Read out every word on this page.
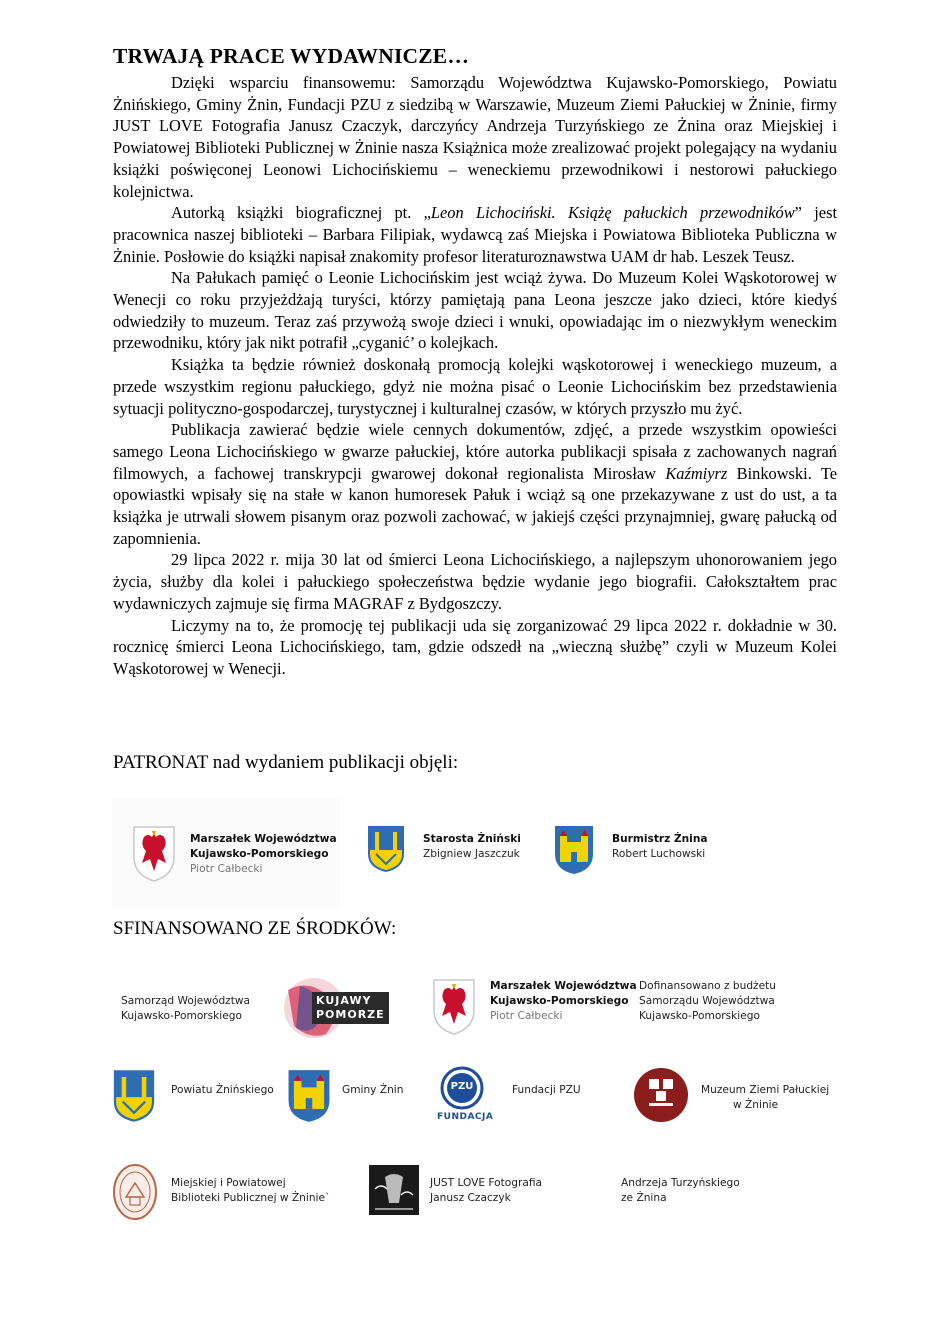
TRWAJĄ PRACE WYDAWNICZE…

Dzięki wsparciu finansowemu: Samorządu Województwa Kujawsko-Pomorskiego, Powiatu Żnińskiego, Gminy Żnin, Fundacji PZU z siedzibą w Warszawie, Muzeum Ziemi Pałuckiej w Żninie, firmy JUST LOVE Fotografia Janusz Czaczyk, darczyńcy Andrzeja Turzyńskiego ze Żnina oraz Miejskiej i Powiatowej Biblioteki Publicznej w Żninie nasza Książnica może zrealizować projekt polegający na wydaniu książki poświęconej Leonowi Lichocińskiemu – weneckiemu przewodnikowi i nestorowi pałuckiego kolejnictwa.

Autorką książki biograficznej pt. „Leon Lichociński. Książę pałuckich przewodników” jest pracownica naszej biblioteki – Barbara Filipiak, wydawcą zaś Miejska i Powiatowa Biblioteka Publiczna w Żninie. Posłowie do książki napisał znakomity profesor literaturoznawstwa UAM dr hab. Leszek Teusz.

Na Pałukach pamięć o Leonie Lichocińskim jest wciąż żywa. Do Muzeum Kolei Wąskotorowej w Wenecji co roku przyjeżdżają turyści, którzy pamiętają pana Leona jeszcze jako dzieci, które kiedyś odwiedziły to muzeum. Teraz zaś przywożą swoje dzieci i wnuki, opowiadając im o niezwykłym weneckim przewodniku, który jak nikt potrafił „cyganić’ o kolejkach.

Książka ta będzie również doskonałą promocją kolejki wąskotorowej i weneckiego muzeum, a przede wszystkim regionu pałuckiego, gdyż nie można pisać o Leonie Lichocińskim bez przedstawienia sytuacji polityczno-gospodarczej, turystycznej i kulturalnej czasów, w których przyszło mu żyć.

Publikacja zawierać będzie wiele cennych dokumentów, zdjęć, a przede wszystkim opowieści samego Leona Lichocińskiego w gwarze pałuckiej, które autorka publikacji spisała z zachowanych nagrań filmowych, a fachowej transkrypcji gwarowej dokonał regionalista Mirosław Kaźmiyrz Binkowski. Te opowiastki wpisały się na stałe w kanon humoresek Pałuk i wciąż są one przekazywane z ust do ust, a ta książka je utrwali słowem pisanym oraz pozwoli zachować, w jakiejś części przynajmniej, gwarę pałucką od zapomnienia.

29 lipca 2022 r. mija 30 lat od śmierci Leona Lichocińskiego, a najlepszym uhonorowaniem jego życia, służby dla kolei i pałuckiego społeczeństwa będzie wydanie jego biografii. Całokształtem prac wydawniczych zajmuje się firma MAGRAF z Bydgoszczy.

Liczymy na to, że promocję tej publikacji uda się zorganizować 29 lipca 2022 r. dokładnie w 30. rocznicę śmierci Leona Lichocińskiego, tam, gdzie odszedł na „wieczną służbę” czyli w Muzeum Kolei Wąskotorowej w Wenecji.

PATRONAT nad wydaniem publikacji objęli:
Marszałek Województwa
Kujawsko-Pomorskiego
Piotr Całbecki
Starosta Żniński
Zbigniew Jaszczuk
Burmistrz Żnina
Robert Luchowski
SFINANSOWANO ZE ŚRODKÓW:
Samorząd Województwa
Kujawsko-Pomorskiego
KUJAWY
POMORZE
Marszałek Województwa
Kujawsko-Pomorskiego
Piotr Całbecki
Dofinansowano z budżetu
Samorządu Województwa
Kujawsko-Pomorskiego
Powiatu Żnińskiego	Gminy Żnin	PZU
FUNDACJA
Fundacji PZU	Muzeum Ziemi Pałuckiej
w Żninie
Miejskiej i Powiatowej
Biblioteki Publicznej w Żninie`
JUST LOVE Fotografia
Janusz Czaczyk
Andrzeja Turzyńskiego
ze Żnina
